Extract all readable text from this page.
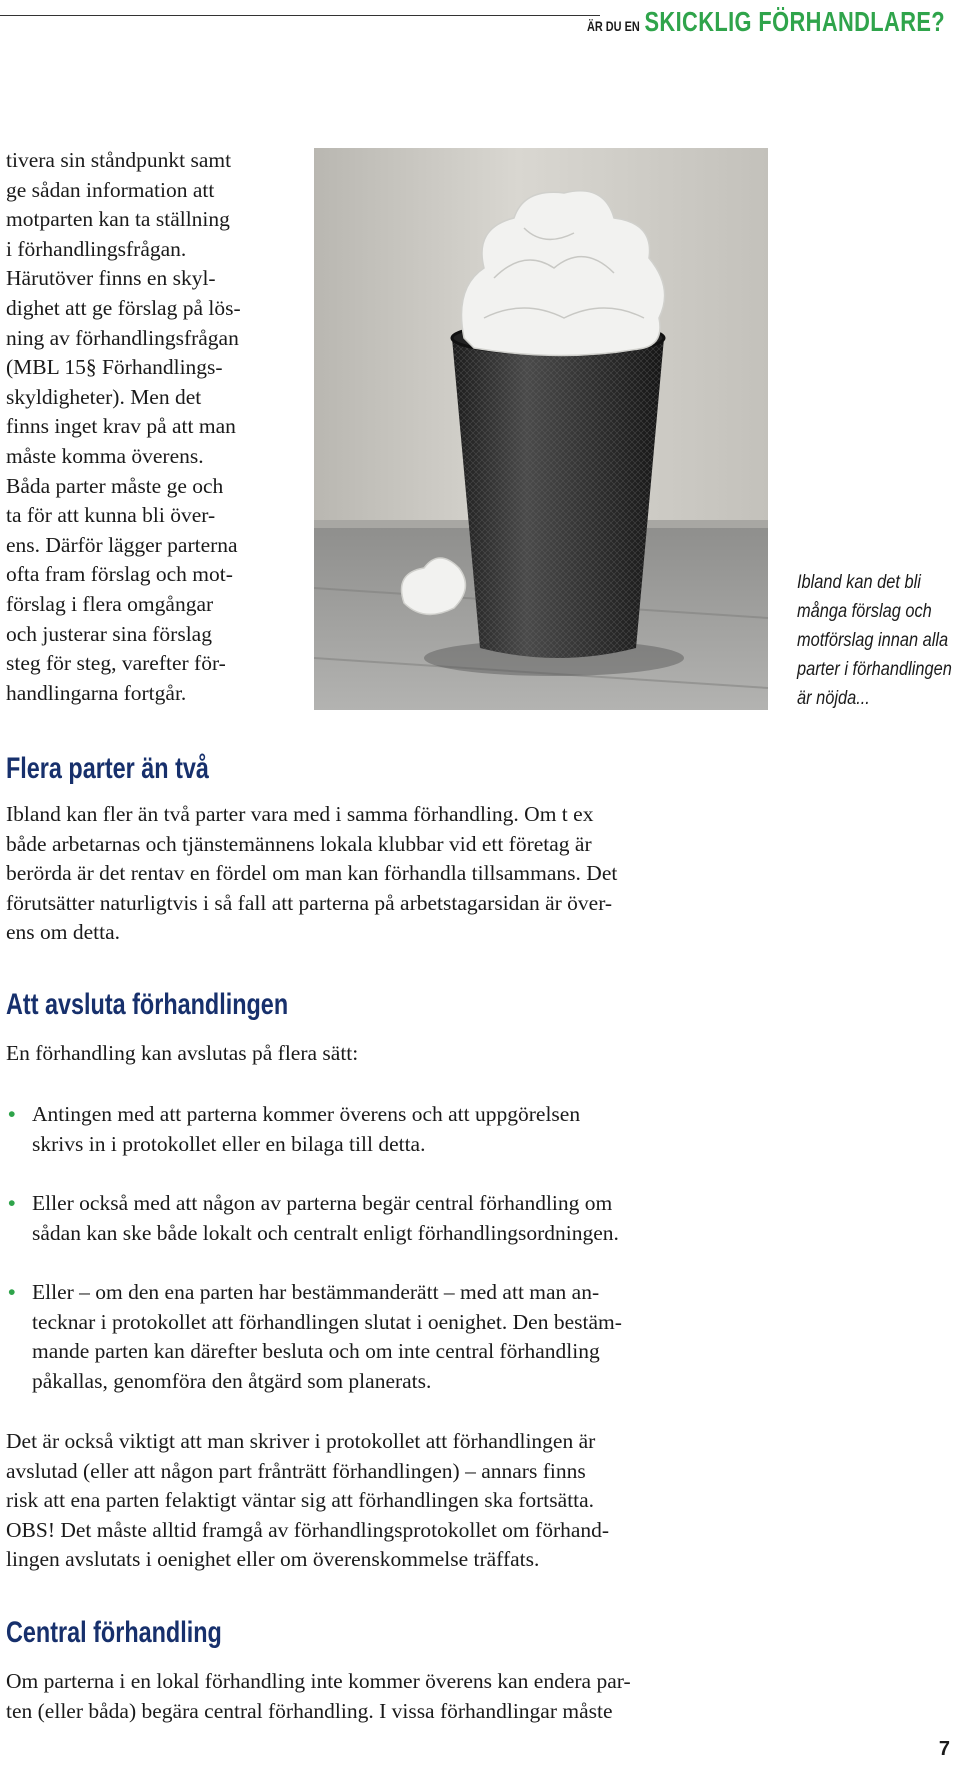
ÄR DU EN SKICKLIG FÖRHANDLARE?

tivera sin ståndpunkt samt

ge sådan information att

motparten kan ta ställning

i förhandlingsfrågan.

Härutöver finns en skyl-

dighet att ge förslag på lös-

ning av förhandlingsfrågan

(MBL 15§ Förhandlings-

skyldigheter). Men det

finns inget krav på att man

måste komma överens.

Båda parter måste ge och

ta för att kunna bli över-

ens. Därför lägger parterna

ofta fram förslag och mot-

förslag i flera omgångar

och justerar sina förslag

steg för steg, varefter för-

handlingarna fortgår.

Ibland kan det bli
många förslag och
motförslag innan alla
parter i förhandlingen
är nöjda...
Flera parter än två
Ibland kan fler än två parter vara med i samma förhandling. Om t ex
både arbetarnas och tjänstemännens lokala klubbar vid ett företag är
berörda är det rentav en fördel om man kan förhandla tillsammans. Det
förutsätter naturligtvis i så fall att parterna på arbetstagarsidan är över-
ens om detta.
Att avsluta förhandlingen
En förhandling kan avslutas på flera sätt:
• Antingen med att parterna kommer överens och att uppgörelsen
skrivs in i protokollet eller en bilaga till detta.
• Eller också med att någon av parterna begär central förhandling om
sådan kan ske både lokalt och centralt enligt förhandlingsordningen.
• Eller – om den ena parten har bestämmanderätt – med att man an-
tecknar i protokollet att förhandlingen slutat i oenighet. Den bestäm-
mande parten kan därefter besluta och om inte central förhandling
påkallas, genomföra den åtgärd som planerats.
Det är också viktigt att man skriver i protokollet att förhandlingen är
avslutad (eller att någon part frånträtt förhandlingen) – annars finns
risk att ena parten felaktigt väntar sig att förhandlingen ska fortsätta.
OBS! Det måste alltid framgå av förhandlingsprotokollet om förhand-
lingen avslutats i oenighet eller om överenskommelse träffats.
Central förhandling
Om parterna i en lokal förhandling inte kommer överens kan endera par-
ten (eller båda) begära central förhandling. I vissa förhandlingar måste
7
